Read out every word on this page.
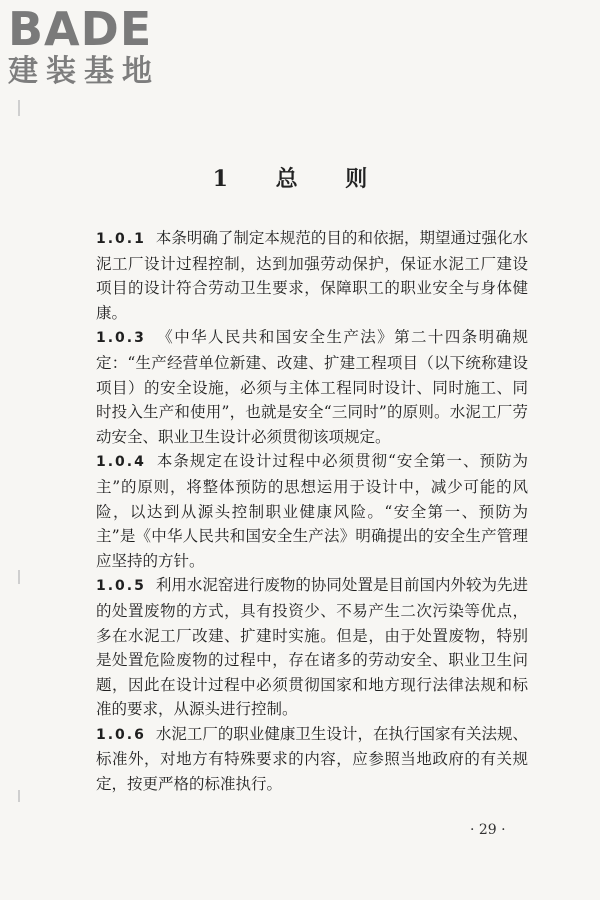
BADE
建装基地
1 总 则

1.0.1 本条明确了制定本规范的目的和依据，期望通过强化水泥工厂设计过程控制，达到加强劳动保护，保证水泥工厂建设项目的设计符合劳动卫生要求，保障职工的职业安全与身体健康。

1.0.3 《中华人民共和国安全生产法》第二十四条明确规定：“生产经营单位新建、改建、扩建工程项目（以下统称建设项目）的安全设施，必须与主体工程同时设计、同时施工、同时投入生产和使用”，也就是安全“三同时”的原则。水泥工厂劳动安全、职业卫生设计必须贯彻该项规定。

1.0.4 本条规定在设计过程中必须贯彻“安全第一、预防为主”的原则，将整体预防的思想运用于设计中，减少可能的风险，以达到从源头控制职业健康风险。“安全第一、预防为主”是《中华人民共和国安全生产法》明确提出的安全生产管理应坚持的方针。

1.0.5 利用水泥窑进行废物的协同处置是目前国内外较为先进的处置废物的方式，具有投资少、不易产生二次污染等优点，多在水泥工厂改建、扩建时实施。但是，由于处置废物，特别是处置危险废物的过程中，存在诸多的劳动安全、职业卫生问题，因此在设计过程中必须贯彻国家和地方现行法律法规和标准的要求，从源头进行控制。

1.0.6 水泥工厂的职业健康卫生设计，在执行国家有关法规、标准外，对地方有特殊要求的内容，应参照当地政府的有关规定，按更严格的标准执行。

· 29 ·
